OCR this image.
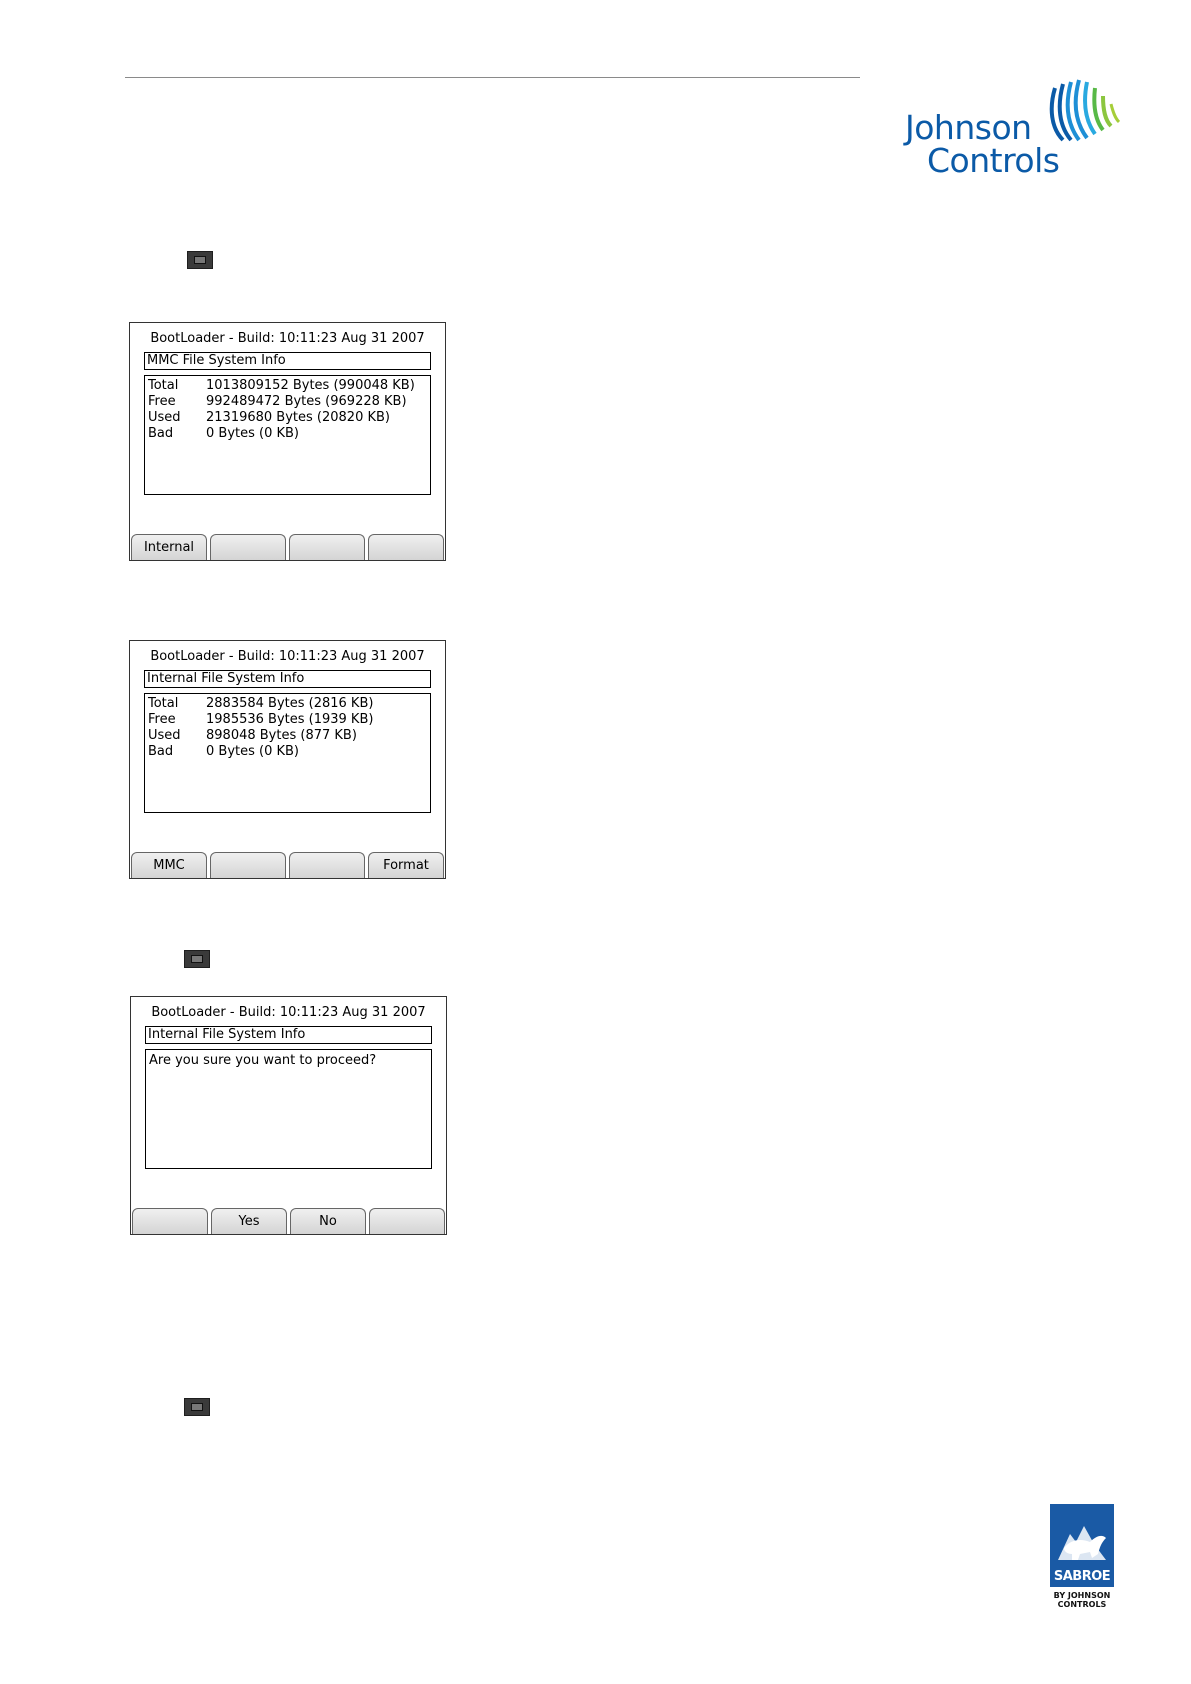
Johnson
Controls
BootLoader - Build: 10:11:23 Aug 31 2007
MMC File System Info
Total 1013809152 Bytes (990048 KB)
Free 992489472 Bytes (969228 KB)
Used 21319680 Bytes (20820 KB)
Bad	0 Bytes (0 KB)
Internal
BootLoader - Build: 10:11:23 Aug 31 2007
Internal File System Info
Total 2883584 Bytes (2816 KB)
Free 1985536 Bytes (1939 KB)
Used 898048 Bytes (877 KB)
Bad	0 Bytes (0 KB)
MMC	Format
BootLoader - Build: 10:11:23 Aug 31 2007
Internal File System Info
Are you sure you want to proceed?
Yes	No
SABROE
BY JOHNSON CONTROLS
